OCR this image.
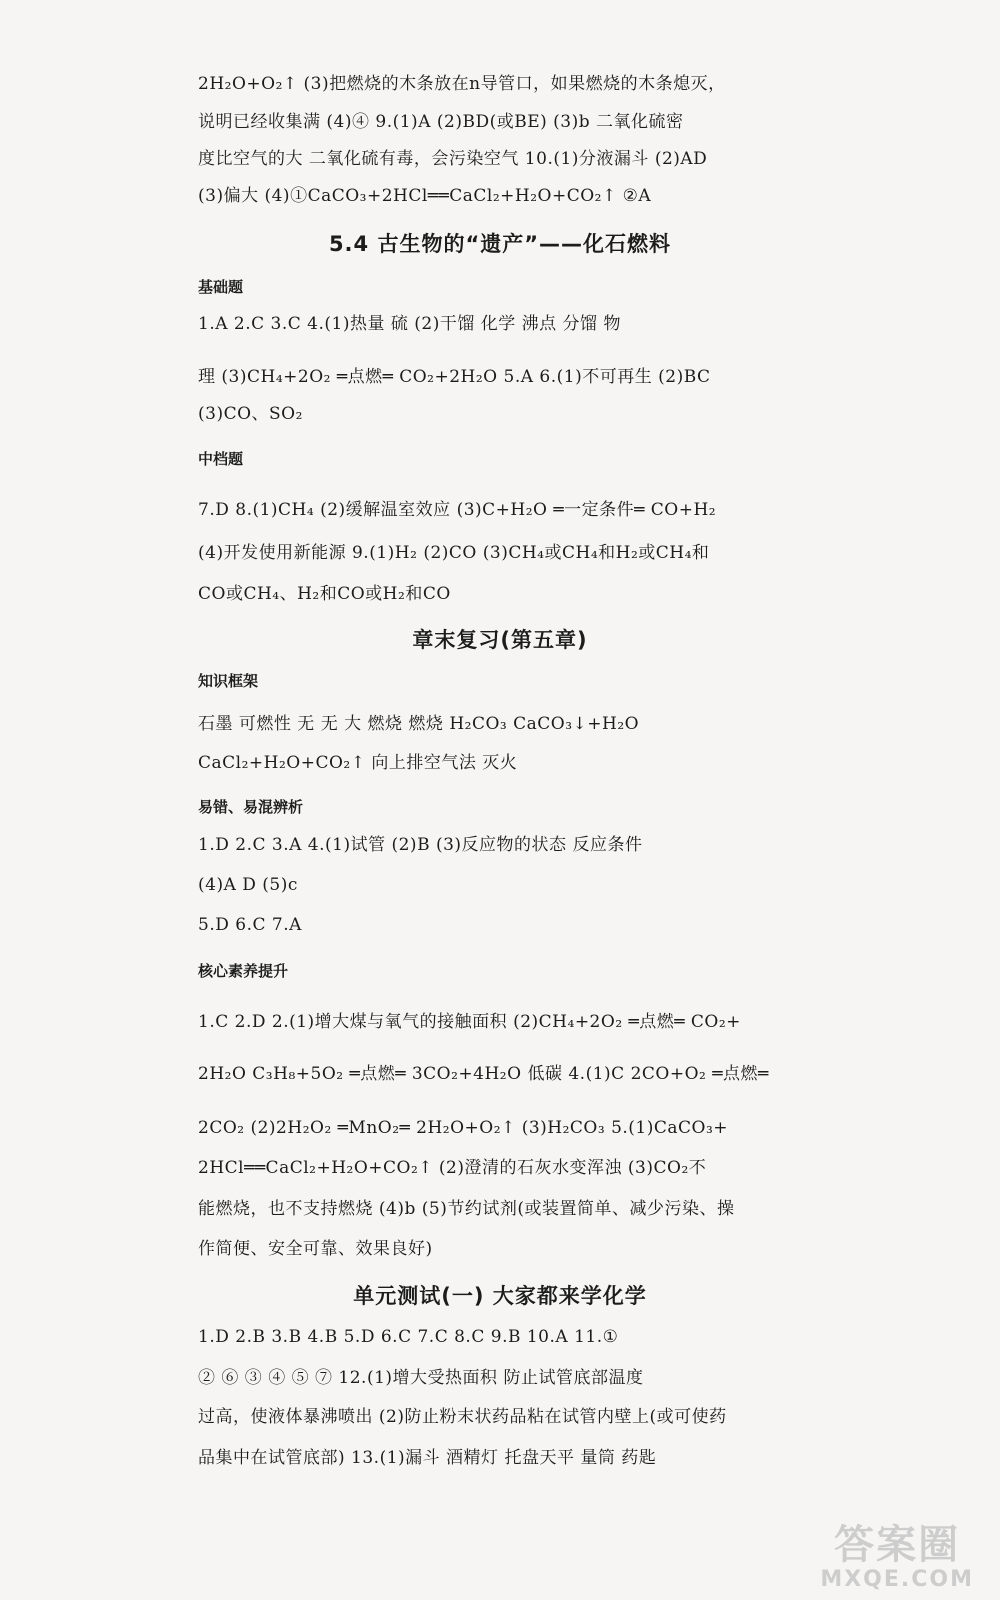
2H₂O+O₂↑ (3)把燃烧的木条放在n导管口，如果燃烧的木条熄灭，
说明已经收集满 (4)④ 9.(1)A (2)BD(或BE) (3)b 二氧化硫密
度比空气的大 二氧化硫有毒，会污染空气 10.(1)分液漏斗 (2)AD
(3)偏大 (4)①CaCO₃+2HCl══CaCl₂+H₂O+CO₂↑ ②A
5.4 古生物的“遗产”——化石燃料
基础题
1.A 2.C 3.C 4.(1)热量 硫 (2)干馏 化学 沸点 分馏 物
理 (3)CH₄+2O₂ ═点燃═ CO₂+2H₂O 5.A 6.(1)不可再生 (2)BC
(3)CO、SO₂
中档题
7.D 8.(1)CH₄ (2)缓解温室效应 (3)C+H₂O ═一定条件═ CO+H₂
(4)开发使用新能源 9.(1)H₂ (2)CO (3)CH₄或CH₄和H₂或CH₄和
CO或CH₄、H₂和CO或H₂和CO
章末复习(第五章)
知识框架
石墨 可燃性 无 无 大 燃烧 燃烧 H₂CO₃ CaCO₃↓+H₂O
CaCl₂+H₂O+CO₂↑ 向上排空气法 灭火
易错、易混辨析
1.D 2.C 3.A 4.(1)试管 (2)B (3)反应物的状态 反应条件
(4)A D (5)c
5.D 6.C 7.A
核心素养提升
1.C 2.D 2.(1)增大煤与氧气的接触面积 (2)CH₄+2O₂ ═点燃═ CO₂+
2H₂O C₃H₈+5O₂ ═点燃═ 3CO₂+4H₂O 低碳 4.(1)C 2CO+O₂ ═点燃═
2CO₂ (2)2H₂O₂ ═MnO₂═ 2H₂O+O₂↑ (3)H₂CO₃ 5.(1)CaCO₃+
2HCl══CaCl₂+H₂O+CO₂↑ (2)澄清的石灰水变浑浊 (3)CO₂不
能燃烧，也不支持燃烧 (4)b (5)节约试剂(或装置简单、减少污染、操
作简便、安全可靠、效果良好)
单元测试(一) 大家都来学化学
1.D 2.B 3.B 4.B 5.D 6.C 7.C 8.C 9.B 10.A 11.①
② ⑥ ③ ④ ⑤ ⑦ 12.(1)增大受热面积 防止试管底部温度
过高，使液体暴沸喷出 (2)防止粉末状药品粘在试管内壁上(或可使药
品集中在试管底部) 13.(1)漏斗 酒精灯 托盘天平 量筒 药匙
答案圈
MXQE.COM
